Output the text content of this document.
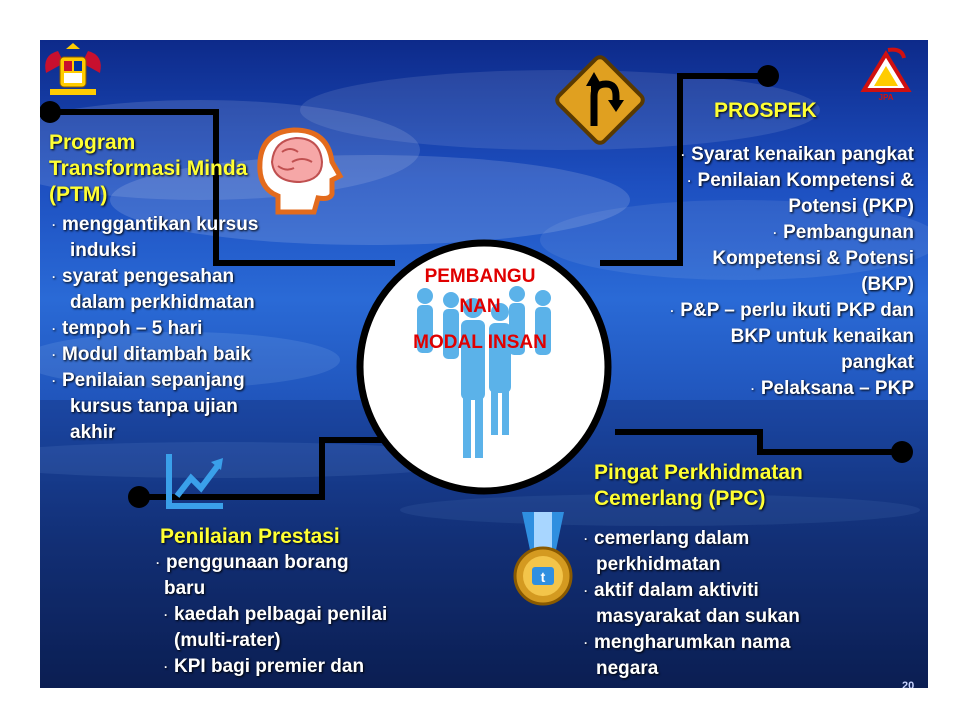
PEMBANGU
NAN
MODAL INSAN
JPA
t
Program
Transformasi Minda
(PTM)
· menggantikan kursus
induksi
· syarat pengesahan
dalam perkhidmatan
· tempoh – 5 hari
· Modul ditambah baik
· Penilaian sepanjang
kursus tanpa ujian
akhir
PROSPEK
· Syarat kenaikan pangkat
· Penilaian Kompetensi &
Potensi (PKP)
· Pembangunan
Kompetensi & Potensi
(BKP)
· P&P – perlu ikuti PKP dan
BKP untuk kenaikan
pangkat
· Pelaksana – PKP
Penilaian Prestasi
· penggunaan borang
baru
· kaedah pelbagai penilai
(multi-rater)
· KPI bagi premier dan
Pingat Perkhidmatan
Cemerlang (PPC)
· cemerlang dalam
perkhidmatan
· aktif dalam aktiviti
masyarakat dan sukan
· mengharumkan nama
negara
20
